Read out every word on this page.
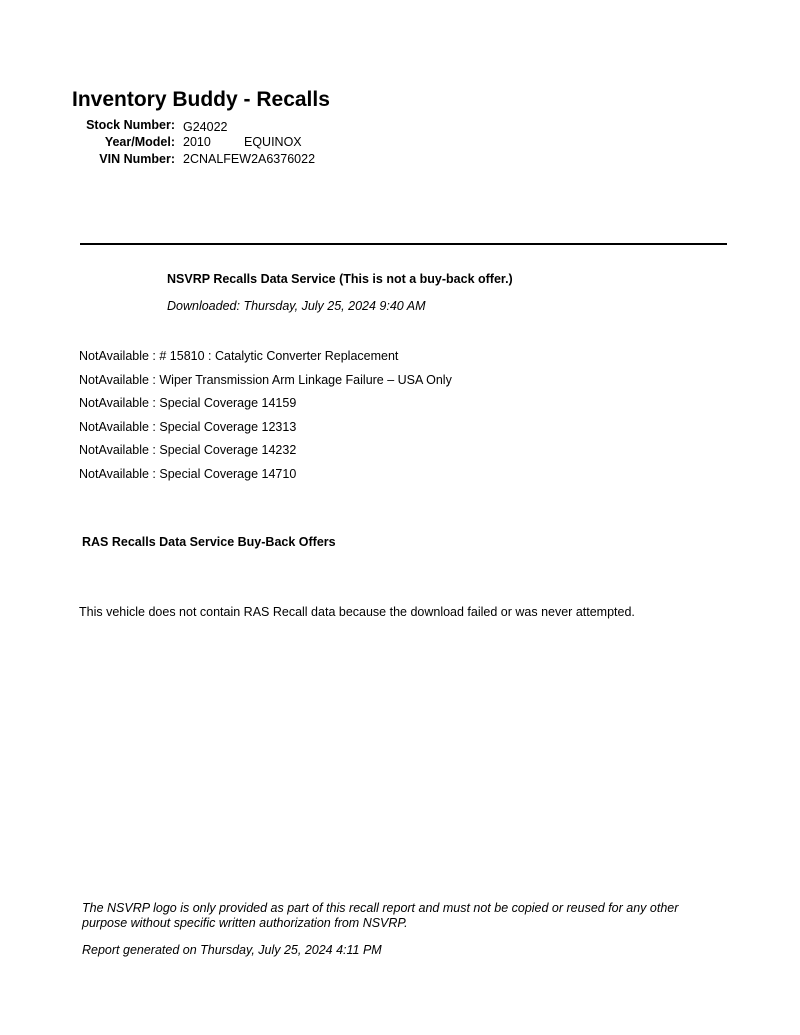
Inventory Buddy - Recalls
Stock Number: G24022
Year/Model: 2010	EQUINOX
VIN Number: 2CNALFEW2A6376022
NSVRP Recalls Data Service (This is not a buy-back offer.)
Downloaded: Thursday, July 25, 2024 9:40 AM
NotAvailable : # 15810 : Catalytic Converter Replacement
NotAvailable : Wiper Transmission Arm Linkage Failure – USA Only
NotAvailable : Special Coverage 14159
NotAvailable : Special Coverage 12313
NotAvailable : Special Coverage 14232
NotAvailable : Special Coverage 14710
RAS Recalls Data Service Buy-Back Offers
This vehicle does not contain RAS Recall data because the download failed or was never attempted.
The NSVRP logo is only provided as part of this recall report and must not be copied or reused for any other purpose without specific written authorization from NSVRP.
Report generated on Thursday, July 25, 2024 4:11 PM
